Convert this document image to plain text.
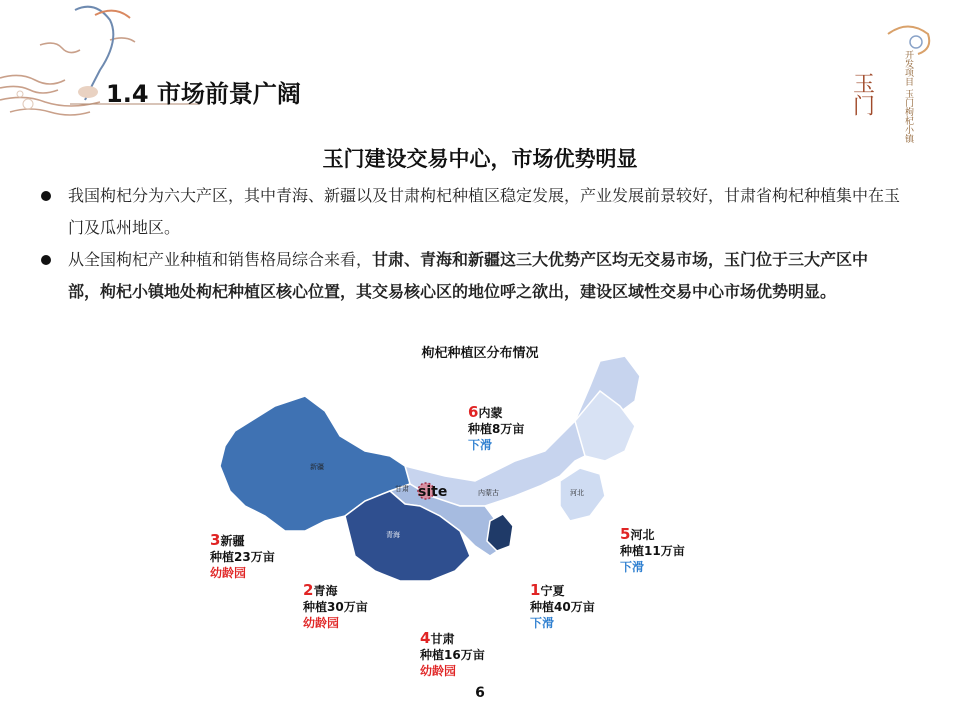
1.4 市场前景广阔	玉门	开发项目 玉门枸杞小镇
玉门建设交易中心，市场优势明显
我国枸杞分为六大产区，其中青海、新疆以及甘肃枸杞种植区稳定发展，产业发展前景较好，甘肃省枸杞种植集中在玉门及瓜州地区。
从全国枸杞产业种植和销售格局综合来看，甘肃、青海和新疆这三大优势产区均无交易市场，玉门位于三大产区中部，枸杞小镇地处枸杞种植区核心位置，其交易核心区的地位呼之欲出，建设区域性交易中心市场优势明显。
枸杞种植区分布情况
新疆
甘肃
青海
内蒙古	河北
site
6内蒙
种植8万亩
下滑
3新疆
种植23万亩
幼龄园
5河北
种植11万亩
下滑
2青海
种植30万亩
幼龄园
1宁夏
种植40万亩
下滑
4甘肃
种植16万亩
幼龄园
6
